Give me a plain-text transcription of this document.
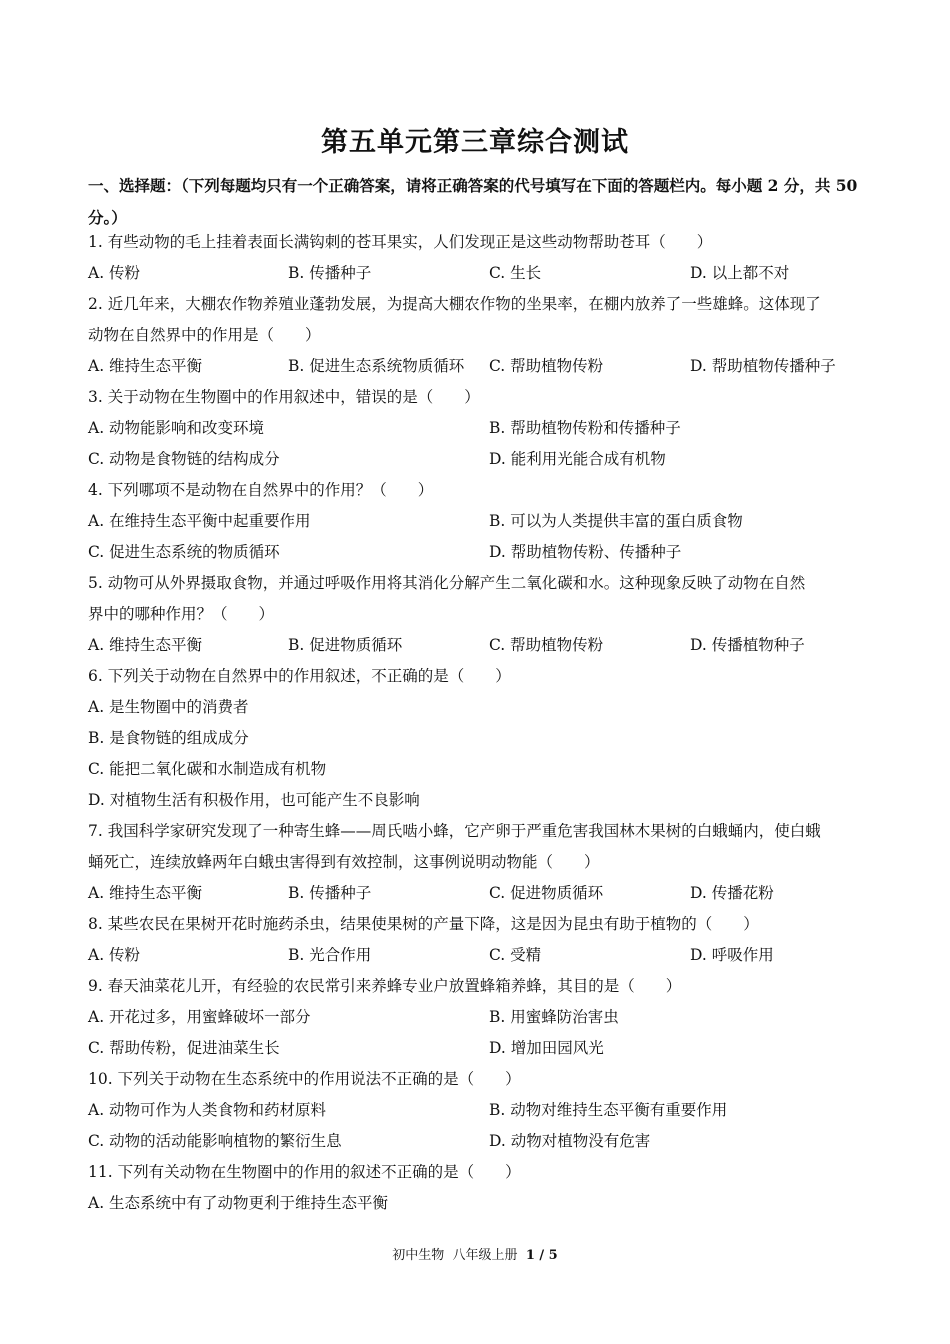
第五单元第三章综合测试
一、选择题：（下列每题均只有一个正确答案，请将正确答案的代号填写在下面的答题栏内。每小题 2 分，共 50 分。）
1. 有些动物的毛上挂着表面长满钩刺的苍耳果实，人们发现正是这些动物帮助苍耳（　　）
A. 传粉	B. 传播种子	C. 生长	D. 以上都不对
2. 近几年来，大棚农作物养殖业蓬勃发展，为提高大棚农作物的坐果率，在棚内放养了一些雄蜂。这体现了
动物在自然界中的作用是（　　）
A. 维持生态平衡	B. 促进生态系统物质循环 C. 帮助植物传粉	D. 帮助植物传播种子
3. 关于动物在生物圈中的作用叙述中，错误的是（　　）
A. 动物能影响和改变环境	B. 帮助植物传粉和传播种子
C. 动物是食物链的结构成分	D. 能利用光能合成有机物
4. 下列哪项不是动物在自然界中的作用？（　　）
A. 在维持生态平衡中起重要作用	B. 可以为人类提供丰富的蛋白质食物
C. 促进生态系统的物质循环	D. 帮助植物传粉、传播种子
5. 动物可从外界摄取食物，并通过呼吸作用将其消化分解产生二氧化碳和水。这种现象反映了动物在自然
界中的哪种作用？（　　）
A. 维持生态平衡	B. 促进物质循环	C. 帮助植物传粉	D. 传播植物种子
6. 下列关于动物在自然界中的作用叙述，不正确的是（　　）
A. 是生物圈中的消费者
B. 是食物链的组成成分
C. 能把二氧化碳和水制造成有机物
D. 对植物生活有积极作用，也可能产生不良影响
7. 我国科学家研究发现了一种寄生蜂——周氏啮小蜂，它产卵于严重危害我国林木果树的白蛾蛹内，使白蛾
蛹死亡，连续放蜂两年白蛾虫害得到有效控制，这事例说明动物能（　　）
A. 维持生态平衡	B. 传播种子	C. 促进物质循环	D. 传播花粉
8. 某些农民在果树开花时施药杀虫，结果使果树的产量下降，这是因为昆虫有助于植物的（　　）
A. 传粉	B. 光合作用	C. 受精	D. 呼吸作用
9. 春天油菜花儿开，有经验的农民常引来养蜂专业户放置蜂箱养蜂，其目的是（　　）
A. 开花过多，用蜜蜂破坏一部分	B. 用蜜蜂防治害虫
C. 帮助传粉，促进油菜生长	D. 增加田园风光
10. 下列关于动物在生态系统中的作用说法不正确的是（　　）
A. 动物可作为人类食物和药材原料	B. 动物对维持生态平衡有重要作用
C. 动物的活动能影响植物的繁衍生息	D. 动物对植物没有危害
11. 下列有关动物在生物圈中的作用的叙述不正确的是（　　）
A. 生态系统中有了动物更利于维持生态平衡
初中生物 八年级上册 1 / 5
